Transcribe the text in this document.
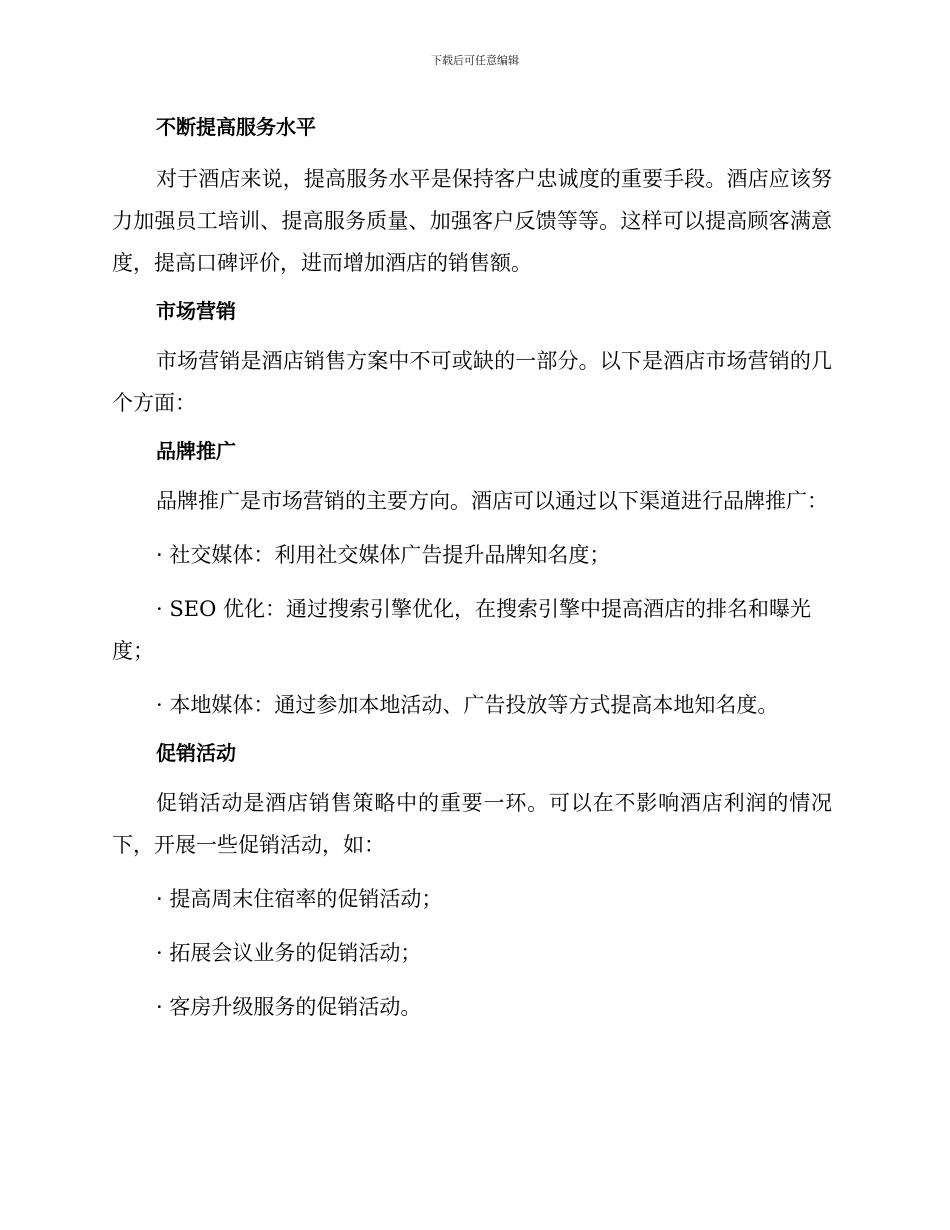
下载后可任意编辑
不断提高服务水平

对于酒店来说，提高服务水平是保持客户忠诚度的重要手段。酒店应该努力加强员工培训、提高服务质量、加强客户反馈等等。这样可以提高顾客满意度，提高口碑评价，进而增加酒店的销售额。

市场营销

市场营销是酒店销售方案中不可或缺的一部分。以下是酒店市场营销的几个方面：

品牌推广

品牌推广是市场营销的主要方向。酒店可以通过以下渠道进行品牌推广：

· 社交媒体：利用社交媒体广告提升品牌知名度；

· SEO 优化：通过搜索引擎优化，在搜索引擎中提高酒店的排名和曝光度；

· 本地媒体：通过参加本地活动、广告投放等方式提高本地知名度。

促销活动

促销活动是酒店销售策略中的重要一环。可以在不影响酒店利润的情况下，开展一些促销活动，如：

· 提高周末住宿率的促销活动；

· 拓展会议业务的促销活动；

· 客房升级服务的促销活动。
